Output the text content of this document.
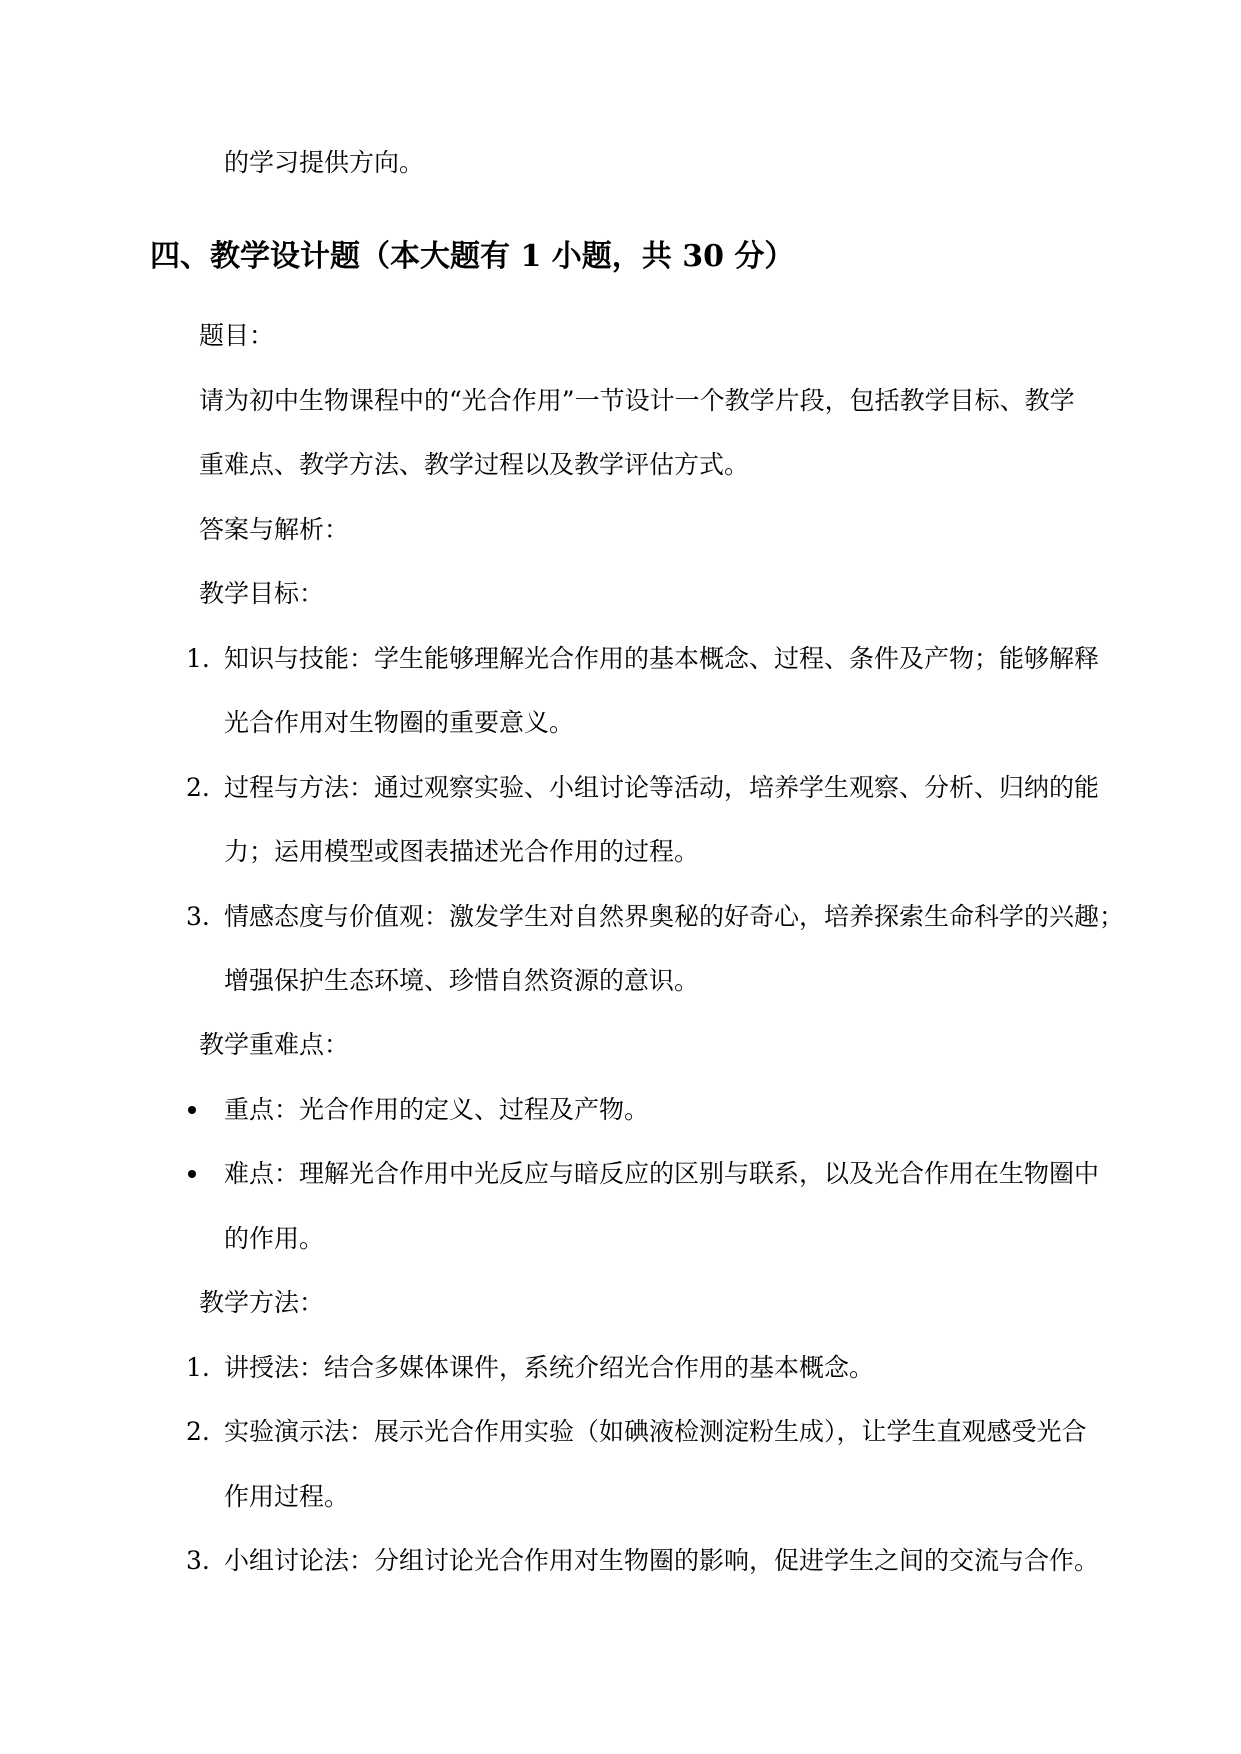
的学习提供方向。

四、教学设计题（本大题有 1 小题，共 30 分）

题目：

请为初中生物课程中的“光合作用”一节设计一个教学片段，包括教学目标、教学

重难点、教学方法、教学过程以及教学评估方式。

答案与解析：

教学目标：

1. 知识与技能：学生能够理解光合作用的基本概念、过程、条件及产物；能够解释

光合作用对生物圈的重要意义。

2. 过程与方法：通过观察实验、小组讨论等活动，培养学生观察、分析、归纳的能

力；运用模型或图表描述光合作用的过程。

3. 情感态度与价值观：激发学生对自然界奥秘的好奇心，培养探索生命科学的兴趣；

增强保护生态环境、珍惜自然资源的意识。

教学重难点：

重点：光合作用的定义、过程及产物。

难点：理解光合作用中光反应与暗反应的区别与联系，以及光合作用在生物圈中

的作用。

教学方法：

1. 讲授法：结合多媒体课件，系统介绍光合作用的基本概念。

2. 实验演示法：展示光合作用实验（如碘液检测淀粉生成），让学生直观感受光合

作用过程。

3. 小组讨论法：分组讨论光合作用对生物圈的影响，促进学生之间的交流与合作。
